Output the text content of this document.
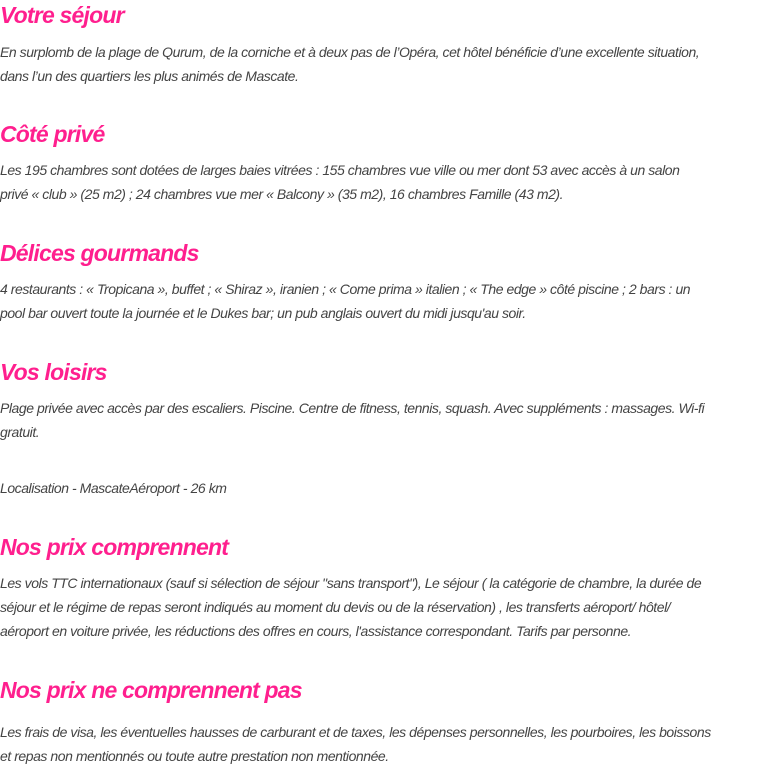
Votre séjour

En surplomb de la plage de Qurum, de la corniche et à deux pas de l’Opéra, cet hôtel bénéficie d’une excellente situation,
dans l’un des quartiers les plus animés de Mascate.

Côté privé

Les 195 chambres sont dotées de larges baies vitrées : 155 chambres vue ville ou mer dont 53 avec accès à un salon
privé « club » (25 m2) ; 24 chambres vue mer « Balcony » (35 m2), 16 chambres Famille (43 m2).

Délices gourmands

4 restaurants : « Tropicana », buffet ; « Shiraz », iranien ; « Come prima » italien ; « The edge » côté piscine ; 2 bars : un
pool bar ouvert toute la journée et le Dukes bar; un pub anglais ouvert du midi jusqu'au soir.

Vos loisirs

Plage privée avec accès par des escaliers. Piscine. Centre de fitness, tennis, squash. Avec suppléments : massages. Wi-fi
gratuit.

Localisation - MascateAéroport - 26 km

Nos prix comprennent

Les vols TTC internationaux (sauf si sélection de séjour "sans transport"), Le séjour ( la catégorie de chambre, la durée de
séjour et le régime de repas seront indiqués au moment du devis ou de la réservation) , les transferts aéroport/ hôtel/
aéroport en voiture privée, les réductions des offres en cours, l'assistance correspondant. Tarifs par personne.

Nos prix ne comprennent pas

Les frais de visa, les éventuelles hausses de carburant et de taxes, les dépenses personnelles, les pourboires, les boissons
et repas non mentionnés ou toute autre prestation non mentionnée.
